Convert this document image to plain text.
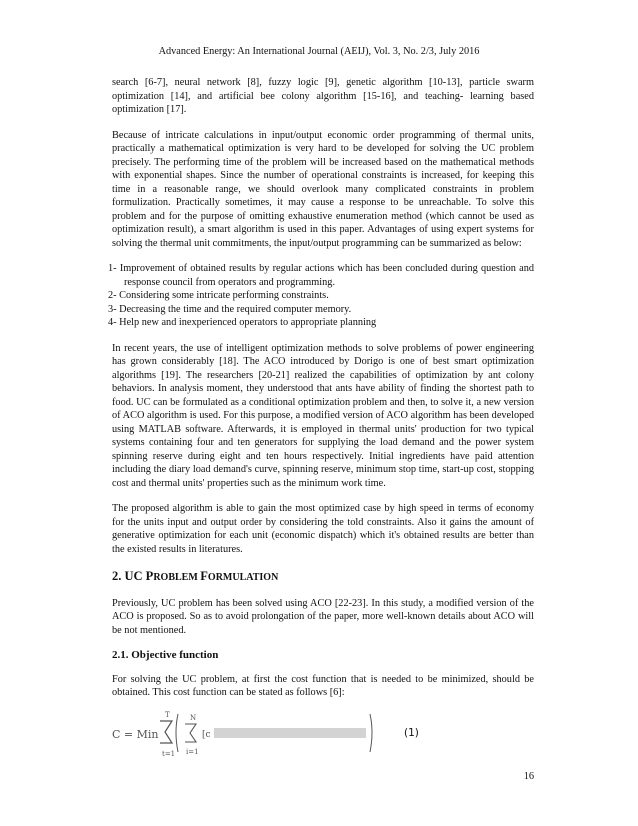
Advanced Energy: An International Journal (AEIJ), Vol. 3, No. 2/3, July 2016

search [6-7], neural network [8], fuzzy logic [9], genetic algorithm [10-13], particle swarm optimization [14], and artificial bee colony algorithm [15-16], and teaching- learning based optimization [17].

Because of intricate calculations in input/output economic order programming of thermal units, practically a mathematical optimization is very hard to be developed for solving the UC problem precisely. The performing time of the problem will be increased based on the mathematical methods with exponential shapes. Since the number of operational constraints is increased, for keeping this time in a reasonable range, we should overlook many complicated constraints in problem formulization. Practically sometimes, it may cause a response to be unreachable. To solve this problem and for the purpose of omitting exhaustive enumeration method (which cannot be used as optimization result), a smart algorithm is used in this paper. Advantages of using expert systems for solving the thermal unit commitments, the input/output programming can be summarized as below:

1- Improvement of obtained results by regular actions which has been concluded during question and response council from operators and programming.
2- Considering some intricate performing constraints.
3- Decreasing the time and the required computer memory.
4- Help new and inexperienced operators to appropriate planning

In recent years, the use of intelligent optimization methods to solve problems of power engineering has grown considerably [18]. The ACO introduced by Dorigo is one of best smart optimization algorithms [19]. The researchers [20-21] realized the capabilities of optimization by ant colony behaviors. In analysis moment, they understood that ants have ability of finding the shortest path to food. UC can be formulated as a conditional optimization problem and then, to solve it, a new version of ACO algorithm is used. For this purpose, a modified version of ACO algorithm has been developed using MATLAB software. Afterwards, it is employed in thermal units' production for two typical systems containing four and ten generators for supplying the load demand and the power system spinning reserve during eight and ten hours respectively. Initial ingredients have paid attention including the diary load demand's curve, spinning reserve, minimum stop time, start-up cost, stopping cost and thermal units' properties such as the minimum work time.

The proposed algorithm is able to gain the most optimized case by high speed in terms of economy for the units input and output order by considering the told constraints. Also it gains the amount of generative optimization for each unit (economic dispatch) which it's obtained results are better than the existed results in literatures.

2. UC PROBLEM FORMULATION

Previously, UC problem has been solved using ACO [22-23]. In this study, a modified version of the ACO is proposed. So as to avoid prolongation of the paper, more well-known details about ACO will be not mentioned.

2.1. Objective function

For solving the UC problem, at first the cost function that is needed to be minimized, should be obtained. This cost function can be stated as follows [6]:

C = Min
T
t=1
N
i=1
[c	(1)
16
